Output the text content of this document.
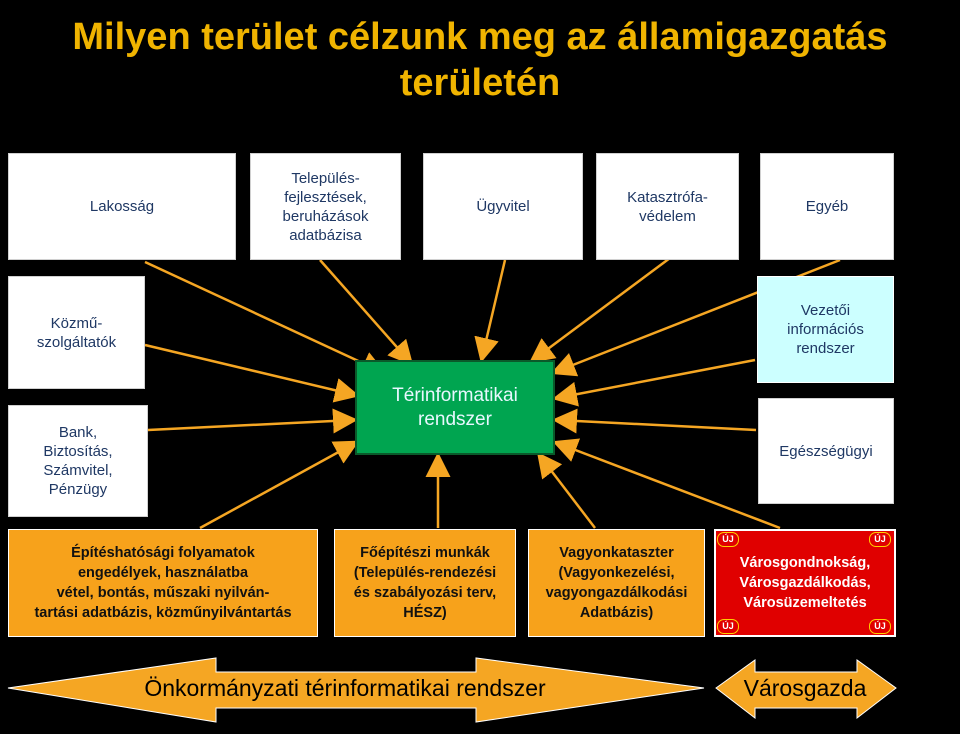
Milyen terület célzunk meg az államigazgatás területén
Lakosság
Település-
fejlesztések,
beruházások
adatbázisa
Ügyvitel
Katasztrófa-
védelem
Egyéb
Közmű-
szolgáltatók
Bank,
Biztosítás,
Számvitel,
Pénzügy
Vezetői
információs
rendszer
Egészségügyi
Térinformatikai
rendszer
Építéshatósági folyamatok
engedélyek, használatba
vétel, bontás, műszaki nyilván-
tartási adatbázis, közműnyilvántartás
Főépítészi munkák
(Település-rendezési
és szabályozási terv,
HÉSZ)
Vagyonkataszter
(Vagyonkezelési,
vagyongazdálkodási
Adatbázis)
Városgondnokság,
Városgazdálkodás,
Városüzemeltetés
ÚJ	ÚJ
ÚJ	ÚJ
Önkormányzati térinformatikai rendszer	Városgazda
